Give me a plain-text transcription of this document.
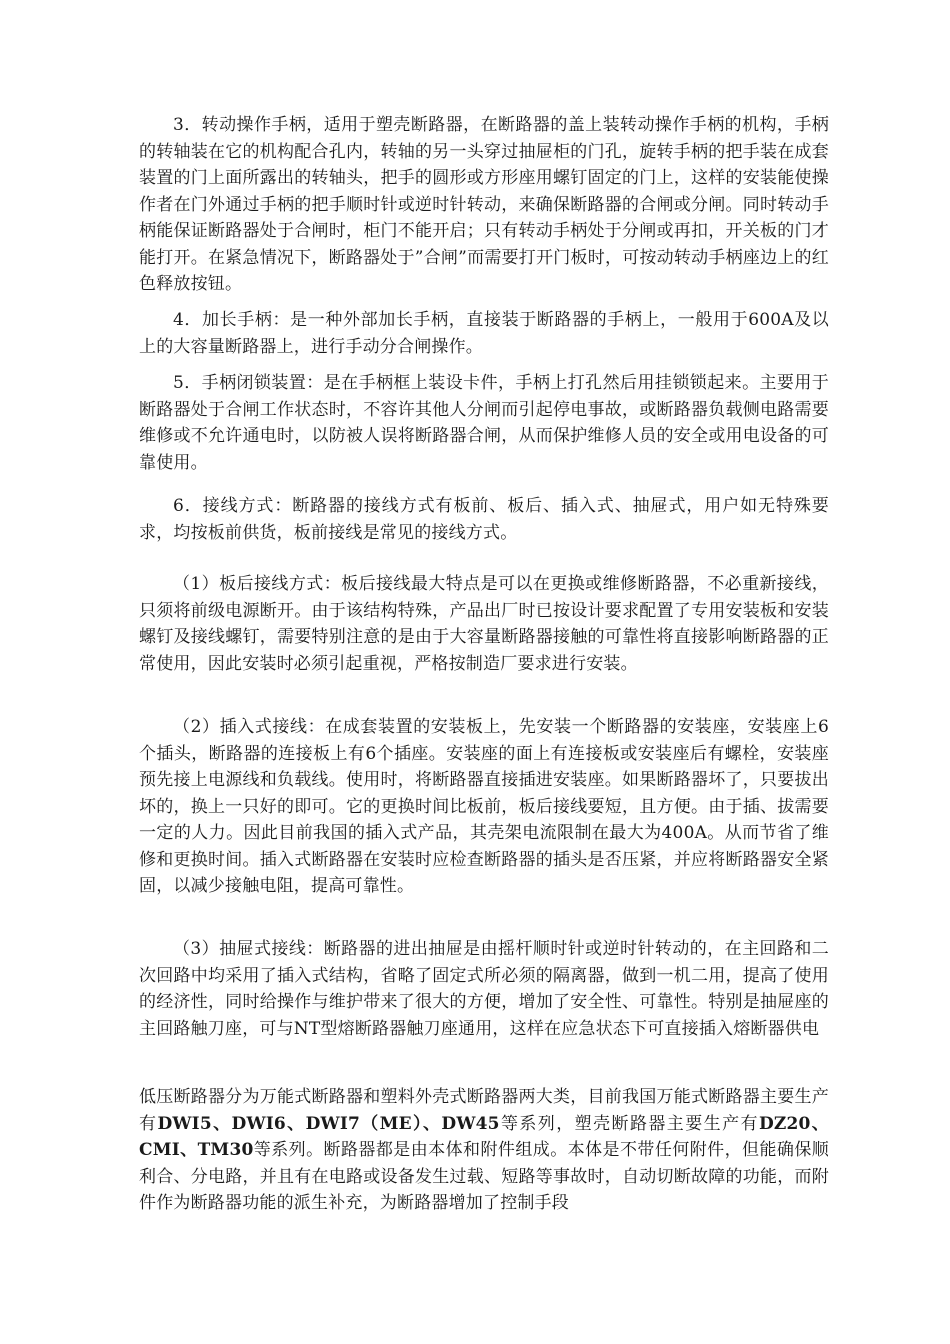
3．转动操作手柄，适用于塑壳断路器，在断路器的盖上装转动操作手柄的机构，手柄的转轴装在它的机构配合孔内，转轴的另一头穿过抽屉柜的门孔，旋转手柄的把手装在成套装置的门上面所露出的转轴头，把手的圆形或方形座用螺钉固定的门上，这样的安装能使操作者在门外通过手柄的把手顺时针或逆时针转动，来确保断路器的合闸或分闸。同时转动手柄能保证断路器处于合闸时，柜门不能开启；只有转动手柄处于分闸或再扣，开关板的门才能打开。在紧急情况下，断路器处于”合闸”而需要打开门板时，可按动转动手柄座边上的红色释放按钮。

4．加长手柄：是一种外部加长手柄，直接装于断路器的手柄上，一般用于600A及以上的大容量断路器上，进行手动分合闸操作。

5．手柄闭锁装置：是在手柄框上装设卡件，手柄上打孔然后用挂锁锁起来。主要用于断路器处于合闸工作状态时，不容许其他人分闸而引起停电事故，或断路器负载侧电路需要维修或不允许通电时，以防被人误将断路器合闸，从而保护维修人员的安全或用电设备的可靠使用。

6．接线方式：断路器的接线方式有板前、板后、插入式、抽屉式，用户如无特殊要求，均按板前供货，板前接线是常见的接线方式。

（1）板后接线方式：板后接线最大特点是可以在更换或维修断路器，不必重新接线，只须将前级电源断开。由于该结构特殊，产品出厂时已按设计要求配置了专用安装板和安装螺钉及接线螺钉，需要特别注意的是由于大容量断路器接触的可靠性将直接影响断路器的正常使用，因此安装时必须引起重视，严格按制造厂要求进行安装。

（2）插入式接线：在成套装置的安装板上，先安装一个断路器的安装座，安装座上6个插头，断路器的连接板上有6个插座。安装座的面上有连接板或安装座后有螺栓，安装座预先接上电源线和负载线。使用时，将断路器直接插进安装座。如果断路器坏了，只要拔出坏的，换上一只好的即可。它的更换时间比板前，板后接线要短，且方便。由于插、拔需要一定的人力。因此目前我国的插入式产品，其壳架电流限制在最大为400A。从而节省了维修和更换时间。插入式断路器在安装时应检查断路器的插头是否压紧，并应将断路器安全紧固，以减少接触电阻，提高可靠性。

（3）抽屉式接线：断路器的进出抽屉是由摇杆顺时针或逆时针转动的，在主回路和二次回路中均采用了插入式结构，省略了固定式所必须的隔离器，做到一机二用，提高了使用的经济性，同时给操作与维护带来了很大的方便，增加了安全性、可靠性。特别是抽屉座的主回路触刀座，可与NT型熔断路器触刀座通用，这样在应急状态下可直接插入熔断器供电

低压断路器分为万能式断路器和塑料外壳式断路器两大类，目前我国万能式断路器主要生产有DWI5、DWI6、DWI7（ME）、DW45等系列，塑壳断路器主要生产有DZ20、CMI、TM30等系列。断路器都是由本体和附件组成。本体是不带任何附件，但能确保顺利合、分电路，并且有在电路或设备发生过载、短路等事故时，自动切断故障的功能，而附件作为断路器功能的派生补充，为断路器增加了控制手段
